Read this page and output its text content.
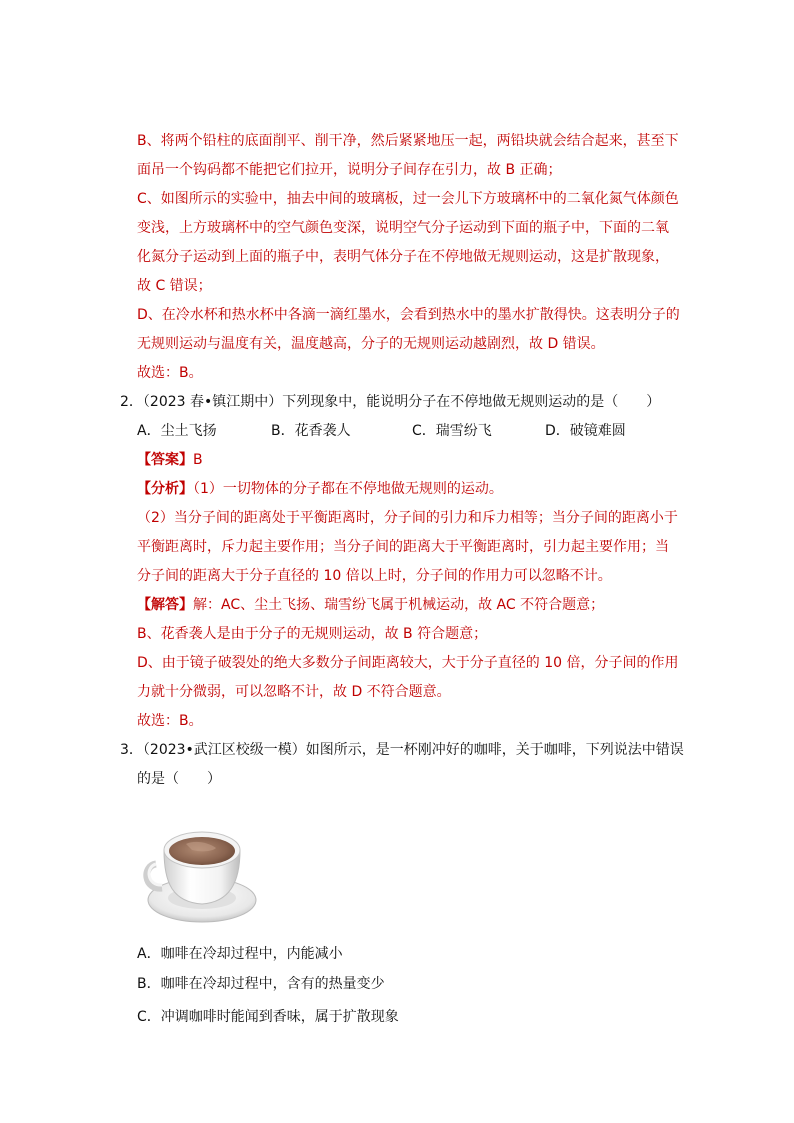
B、将两个铅柱的底面削平、削干净，然后紧紧地压一起，两铅块就会结合起来，甚至下
面吊一个钩码都不能把它们拉开，说明分子间存在引力，故 B 正确；
C、如图所示的实验中，抽去中间的玻璃板，过一会儿下方玻璃杯中的二氧化氮气体颜色
变浅，上方玻璃杯中的空气颜色变深，说明空气分子运动到下面的瓶子中，下面的二氧
化氮分子运动到上面的瓶子中，表明气体分子在不停地做无规则运动，这是扩散现象，
故 C 错误；
D、在冷水杯和热水杯中各滴一滴红墨水，会看到热水中的墨水扩散得快。这表明分子的
无规则运动与温度有关，温度越高，分子的无规则运动越剧烈，故 D 错误。
故选：B。
2．（2023 春•镇江期中）下列现象中，能说明分子在不停地做无规则运动的是（　　）
A．尘土飞扬	B．花香袭人	C．瑞雪纷飞	D．破镜难圆
【答案】B
【分析】（1）一切物体的分子都在不停地做无规则的运动。
（2）当分子间的距离处于平衡距离时，分子间的引力和斥力相等；当分子间的距离小于
平衡距离时，斥力起主要作用；当分子间的距离大于平衡距离时，引力起主要作用；当
分子间的距离大于分子直径的 10 倍以上时，分子间的作用力可以忽略不计。
【解答】解：AC、尘土飞扬、瑞雪纷飞属于机械运动，故 AC 不符合题意；
B、花香袭人是由于分子的无规则运动，故 B 符合题意；
D、由于镜子破裂处的绝大多数分子间距离较大，大于分子直径的 10 倍，分子间的作用
力就十分微弱，可以忽略不计，故 D 不符合题意。
故选：B。
3．（2023•武江区校级一模）如图所示，是一杯刚冲好的咖啡，关于咖啡，下列说法中错误
的是（　　）
A．咖啡在冷却过程中，内能减小
B．咖啡在冷却过程中，含有的热量变少
C．冲调咖啡时能闻到香味，属于扩散现象
